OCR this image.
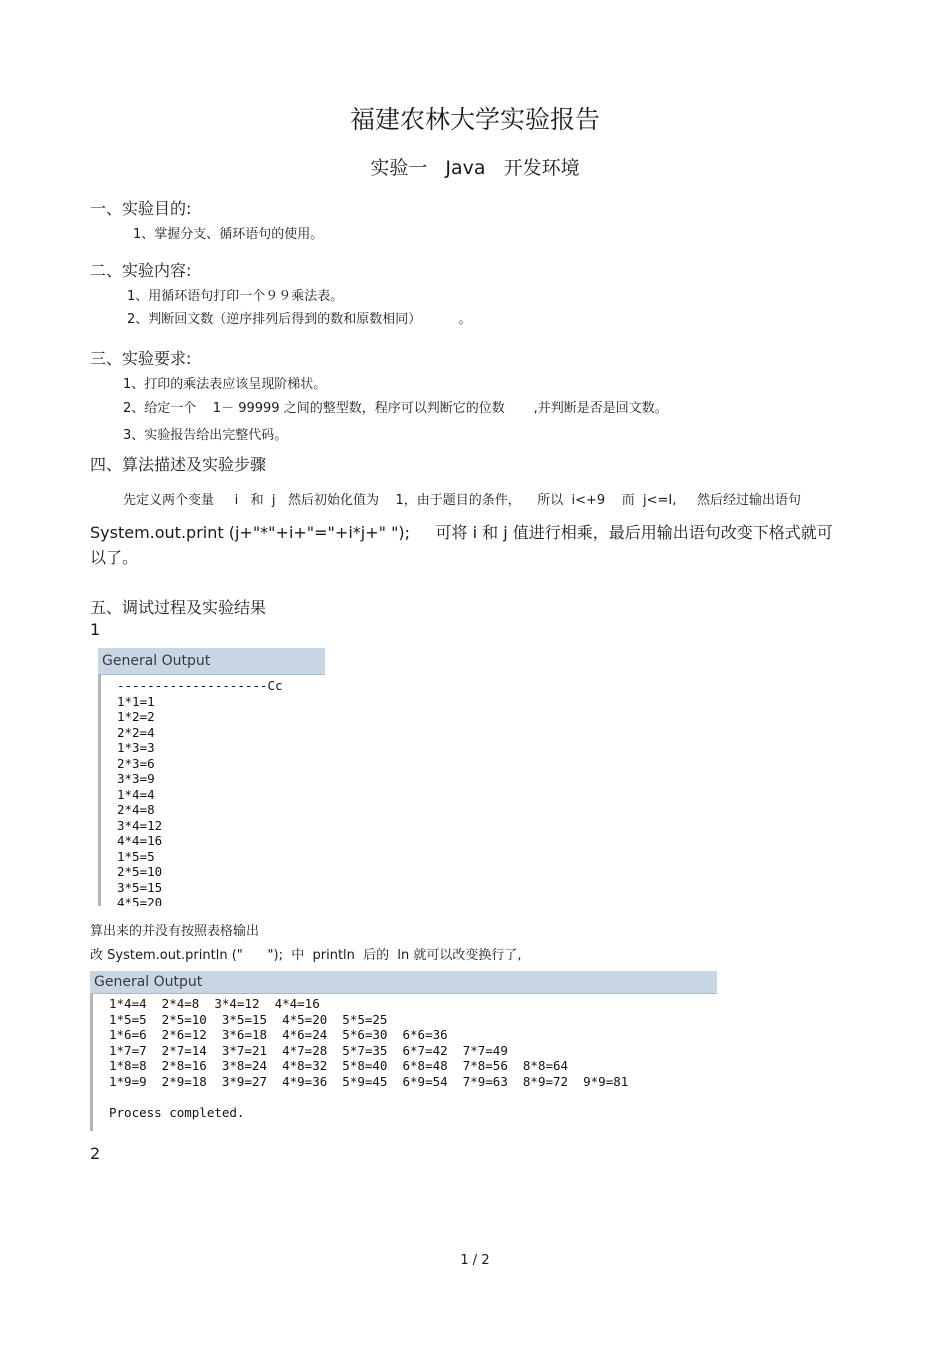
福建农林大学实验报告
实验一   Java   开发环境
一、实验目的:
1、掌握分支、循环语句的使用。
二、实验内容:
1、用循环语句打印一个９９乘法表。
2、判断回文数（逆序排列后得到的数和原数相同）         。
三、实验要求:
1、打印的乘法表应该呈现阶梯状。
2、给定一个    1－ 99999 之间的整型数，程序可以判断它的位数       ,并判断是否是回文数。
3、实验报告给出完整代码。
四、算法描述及实验步骤
先定义两个变量     i   和  j   然后初始化值为    1，由于题目的条件，    所以  i<+9    而  j<=I,     然后经过输出语句
System.out.print (j+"*"+i+"="+i*j+" ");     可将 i 和 j 值进行相乘，最后用输出语句改变下格式就可
以了。
五、调试过程及实验结果
1
General Output
--------------------Cc
1*1=1
1*2=2
2*2=4
1*3=3
2*3=6
3*3=9
1*4=4
2*4=8
3*4=12
4*4=16
1*5=5
2*5=10
3*5=15
4*5=20
算出来的并没有按照表格输出
改 System.out.println ("      ");  中  println  后的  ln 就可以改变换行了,
General Output
1*4=4  2*4=8  3*4=12  4*4=16
1*5=5  2*5=10  3*5=15  4*5=20  5*5=25
1*6=6  2*6=12  3*6=18  4*6=24  5*6=30  6*6=36
1*7=7  2*7=14  3*7=21  4*7=28  5*7=35  6*7=42  7*7=49
1*8=8  2*8=16  3*8=24  4*8=32  5*8=40  6*8=48  7*8=56  8*8=64
1*9=9  2*9=18  3*9=27  4*9=36  5*9=45  6*9=54  7*9=63  8*9=72  9*9=81

Process completed.
2
1 / 2
